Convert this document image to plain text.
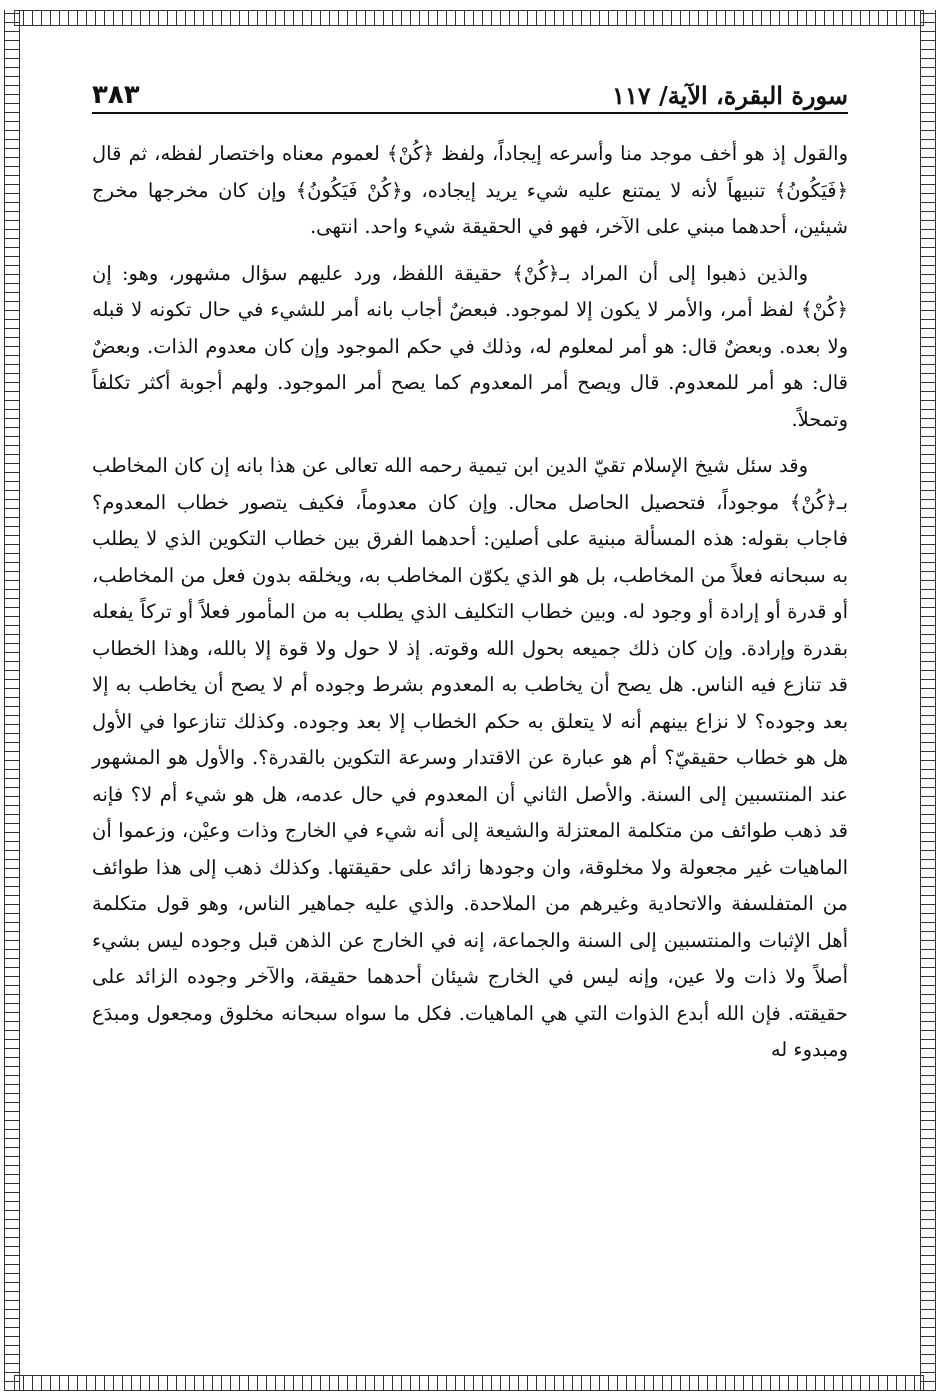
٣٨٣	سورة البقرة، الآية/ ١١٧

والقول إذ هو أخف موجد منا وأسرعه إيجاداً، ولفظ ﴿كُنْ﴾ لعموم معناه واختصار لفظه، ثم قال ﴿فَيَكُونُ﴾ تنبيهاً لأنه لا يمتنع عليه شيء يريد إيجاده، و﴿كُنْ فَيَكُونُ﴾ وإن كان مخرجها مخرج شيئين، أحدهما مبني على الآخر، فهو في الحقيقة شيء واحد. انتهى.

والذين ذهبوا إلى أن المراد بـ﴿كُنْ﴾ حقيقة اللفظ، ورد عليهم سؤال مشهور، وهو: إن ﴿كُنْ﴾ لفظ أمر، والأمر لا يكون إلا لموجود. فبعضٌ أجاب بانه أمر للشيء في حال تكونه لا قبله ولا بعده. وبعضٌ قال: هو أمر لمعلوم له، وذلك في حكم الموجود وإن كان معدوم الذات. وبعضٌ قال: هو أمر للمعدوم. قال ويصح أمر المعدوم كما يصح أمر الموجود. ولهم أجوبة أكثر تكلفاً وتمحلاً.

وقد سئل شيخ الإسلام تقيّ الدين ابن تيمية رحمه الله تعالى عن هذا بانه إن كان المخاطب بـ﴿كُنْ﴾ موجوداً، فتحصيل الحاصل محال. وإن كان معدوماً، فكيف يتصور خطاب المعدوم؟ فاجاب بقوله: هذه المسألة مبنية على أصلين: أحدهما الفرق بين خطاب التكوين الذي لا يطلب به سبحانه فعلاً من المخاطب، بل هو الذي يكوّن المخاطب به، ويخلقه بدون فعل من المخاطب، أو قدرة أو إرادة أو وجود له. وبين خطاب التكليف الذي يطلب به من المأمور فعلاً أو تركاً يفعله بقدرة وإرادة. وإن كان ذلك جميعه بحول الله وقوته. إذ لا حول ولا قوة إلا بالله، وهذا الخطاب قد تنازع فيه الناس. هل يصح أن يخاطب به المعدوم بشرط وجوده أم لا يصح أن يخاطب به إلا بعد وجوده؟ لا نزاع بينهم أنه لا يتعلق به حكم الخطاب إلا بعد وجوده. وكذلك تنازعوا في الأول هل هو خطاب حقيقيّ؟ أم هو عبارة عن الاقتدار وسرعة التكوين بالقدرة؟. والأول هو المشهور عند المنتسبين إلى السنة. والأصل الثاني أن المعدوم في حال عدمه، هل هو شيء أم لا؟ فإنه قد ذهب طوائف من متكلمة المعتزلة والشيعة إلى أنه شيء في الخارج وذات وعيْن، وزعموا أن الماهيات غير مجعولة ولا مخلوقة، وان وجودها زائد على حقيقتها. وكذلك ذهب إلى هذا طوائف من المتفلسفة والاتحادية وغيرهم من الملاحدة. والذي عليه جماهير الناس، وهو قول متكلمة أهل الإثبات والمنتسبين إلى السنة والجماعة، إنه في الخارج عن الذهن قبل وجوده ليس بشيء أصلاً ولا ذات ولا عين، وإنه ليس في الخارج شيئان أحدهما حقيقة، والآخر وجوده الزائد على حقيقته. فإن الله أبدع الذوات التي هي الماهيات. فكل ما سواه سبحانه مخلوق ومجعول ومبدَع ومبدوء له
